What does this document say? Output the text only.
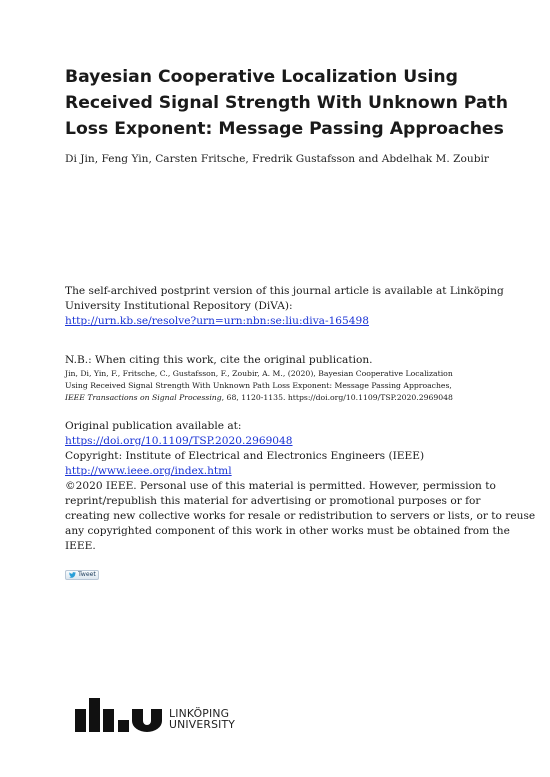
Bayesian Cooperative Localization Using
Received Signal Strength With Unknown Path
Loss Exponent: Message Passing Approaches
Di Jin, Feng Yin, Carsten Fritsche, Fredrik Gustafsson and Abdelhak M. Zoubir
The self-archived postprint version of this journal article is available at Linköping
University Institutional Repository (DiVA):
http://urn.kb.se/resolve?urn=urn:nbn:se:liu:diva-165498
N.B.: When citing this work, cite the original publication.
Jin, Di, Yin, F., Fritsche, C., Gustafsson, F., Zoubir, A. M., (2020), Bayesian Cooperative Localization
Using Received Signal Strength With Unknown Path Loss Exponent: Message Passing Approaches,
IEEE Transactions on Signal Processing, 68, 1120-1135. https://doi.org/10.1109/TSP.2020.2969048
Original publication available at:
https://doi.org/10.1109/TSP.2020.2969048
Copyright: Institute of Electrical and Electronics Engineers (IEEE)
http://www.ieee.org/index.html
©2020 IEEE. Personal use of this material is permitted. However, permission to
reprint/republish this material for advertising or promotional purposes or for
creating new collective works for resale or redistribution to servers or lists, or to reuse
any copyrighted component of this work in other works must be obtained from the
IEEE.
Tweet
LINKÖPING
UNIVERSITY
